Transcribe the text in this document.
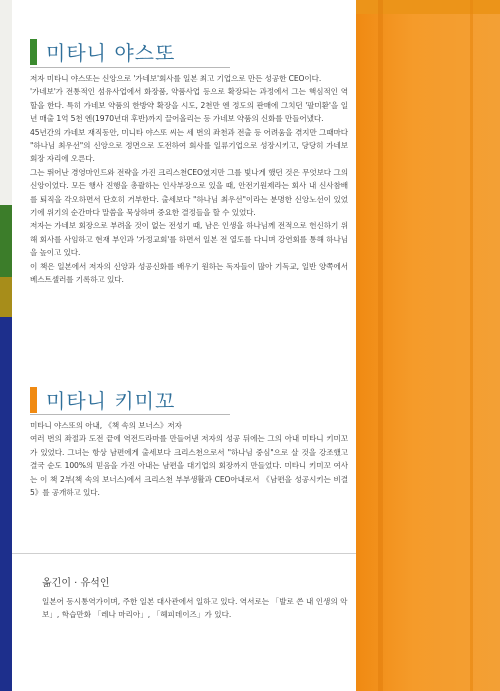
미타니 야스또

저자 미타니 야스또는 신앙으로 '가네보'회사를 일본 최고 기업으로 만든 성공한 CEO이다.

'가네보'가 전통적인 섬유사업에서 화장품, 약품사업 등으로 확장되는 과정에서 그는 핵심적인 역할을 한다. 특히 가네보 약품의 한방약 확장을 시도, 2천만 엔 정도의 판매에 그치던 '팔미환'을 일 년 매출 1억 5천 엔(1970년대 후반)까지 끌어올리는 등 가네보 약품의 신화를 만들어냈다.

45년간의 가네보 재직동안, 미니타 야스또 씨는 세 번의 좌천과 전출 등 어려움을 겪지만 그때마다 "하나님 최우선"의 신앙으로 정면으로 도전하여 회사를 일류기업으로 성장시키고, 당당히 가네보 회장 자리에 오른다.

그는 뛰어난 경영마인드와 전략을 가진 크리스천CEO였지만 그를 빛나게 했던 것은 무엇보다 그의 신앙이었다. 모든 행사 진행을 총괄하는 인사부장으로 있을 때, 안전기원제라는 회사 내 신사참배를 퇴직을 각오하면서 단호히 거부한다. 출세보다 "하나님 최우선"이라는 분명한 신앙노선이 있었기에 위기의 순간마다 말씀을 묵상하며 중요한 결정들을 할 수 있었다.

저자는 가네보 회장으로 부려올 것이 없는 전성기 때, 남은 인생을 하나님께 전적으로 헌신하기 위해 회사를 사임하고 현재 부인과 '가정교회'를 하면서 일본 전 열도를 다니며 강연회를 통해 하나님을 높이고 있다.

이 책은 일본에서 저자의 신앙과 성공신화를 배우기 원하는 독자들이 많아 기독교, 일반 양쪽에서 베스트셀러를 기록하고 있다.

미타니 키미꼬

미타니 야스또의 아내, 《책 속의 보너스》저자

여러 번의 좌절과 도전 끝에 역전드라마를 만들어낸 저자의 성공 뒤에는 그의 아내 미타니 키미꼬가 있었다. 그녀는 항상 남편에게 출세보다 크리스천으로서 "하나님 중심"으로 살 것을 강조했고 결국 순도 100%의 믿음을 가진 아내는 남편을 대기업의 회장까지 만들었다. 미타니 키미꼬 여사는 이 책 2부(책 속의 보너스)에서 크리스천 부부생활과 CEO아내로서 《남편을 성공시키는 비결 5》를 공개하고 있다.

옮긴이 · 유석인

일본어 동시통역가이며, 주한 일본 대사관에서 일하고 있다. 역서로는 「발로 쓴 내 인생의 악보」, 학습만화 「레나 마리아」, 「헤피데이즈」가 있다.
